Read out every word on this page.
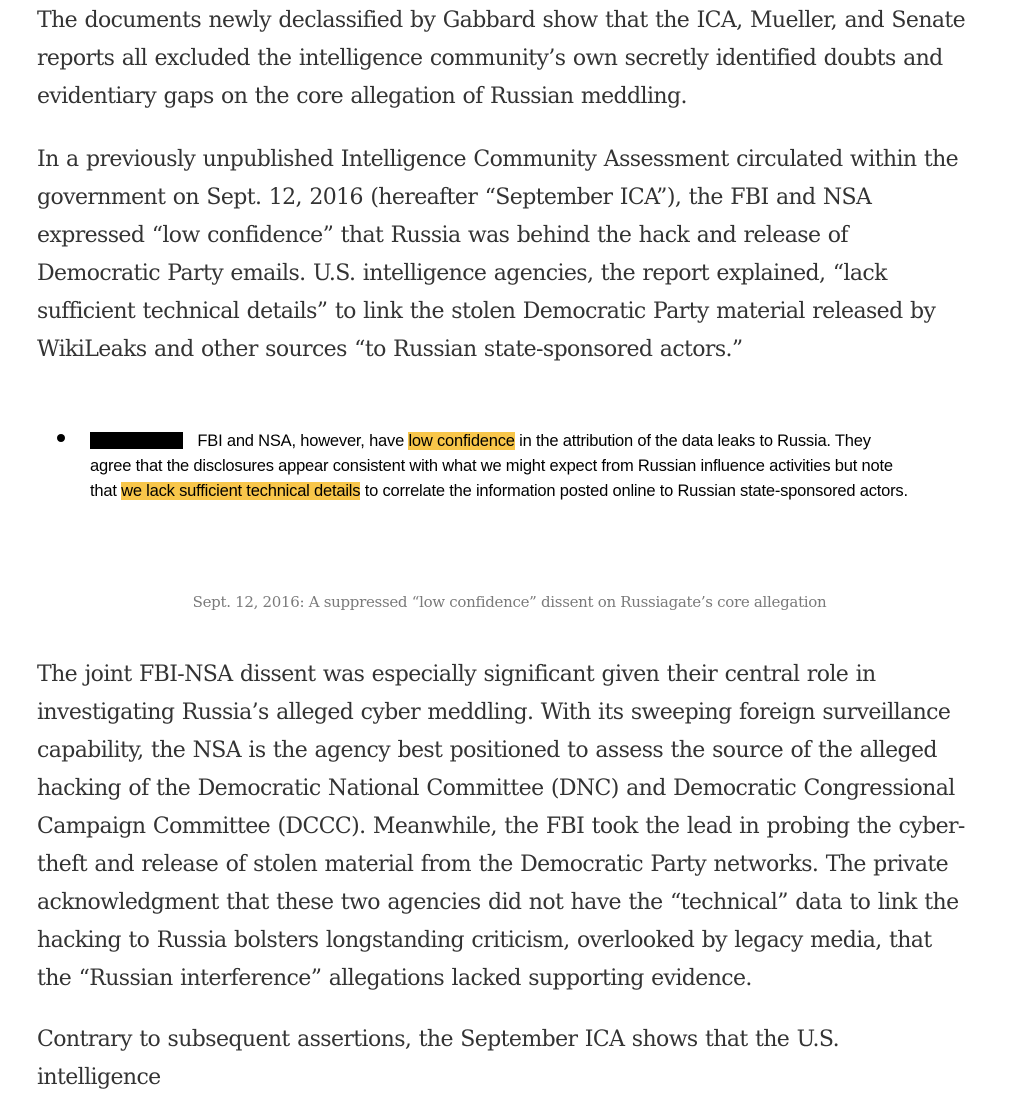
The documents newly declassified by Gabbard show that the ICA, Mueller, and Senate reports all excluded the intelligence community’s own secretly identified doubts and evidentiary gaps on the core allegation of Russian meddling.

In a previously unpublished Intelligence Community Assessment circulated within the government on Sept. 12, 2016 (hereafter “September ICA”), the FBI and NSA expressed “low confidence” that Russia was behind the hack and release of Democratic Party emails. U.S. intelligence agencies, the report explained, “lack sufficient technical details” to link the stolen Democratic Party material released by WikiLeaks and other sources “to Russian state-sponsored actors.”

FBI and NSA, however, have low confidence in the attribution of the data leaks to Russia. They agree that the disclosures appear consistent with what we might expect from Russian influence activities but note that we lack sufficient technical details to correlate the information posted online to Russian state-sponsored actors.
Sept. 12, 2016: A suppressed “low confidence” dissent on Russiagate’s core allegation

The joint FBI-NSA dissent was especially significant given their central role in investigating Russia’s alleged cyber meddling. With its sweeping foreign surveillance capability, the NSA is the agency best positioned to assess the source of the alleged hacking of the Democratic National Committee (DNC) and Democratic Congressional Campaign Committee (DCCC). Meanwhile, the FBI took the lead in probing the cyber-theft and release of stolen material from the Democratic Party networks. The private acknowledgment that these two agencies did not have the “technical” data to link the hacking to Russia bolsters longstanding criticism, overlooked by legacy media, that the “Russian interference” allegations lacked supporting evidence.

Contrary to subsequent assertions, the September ICA shows that the U.S. intelligence
